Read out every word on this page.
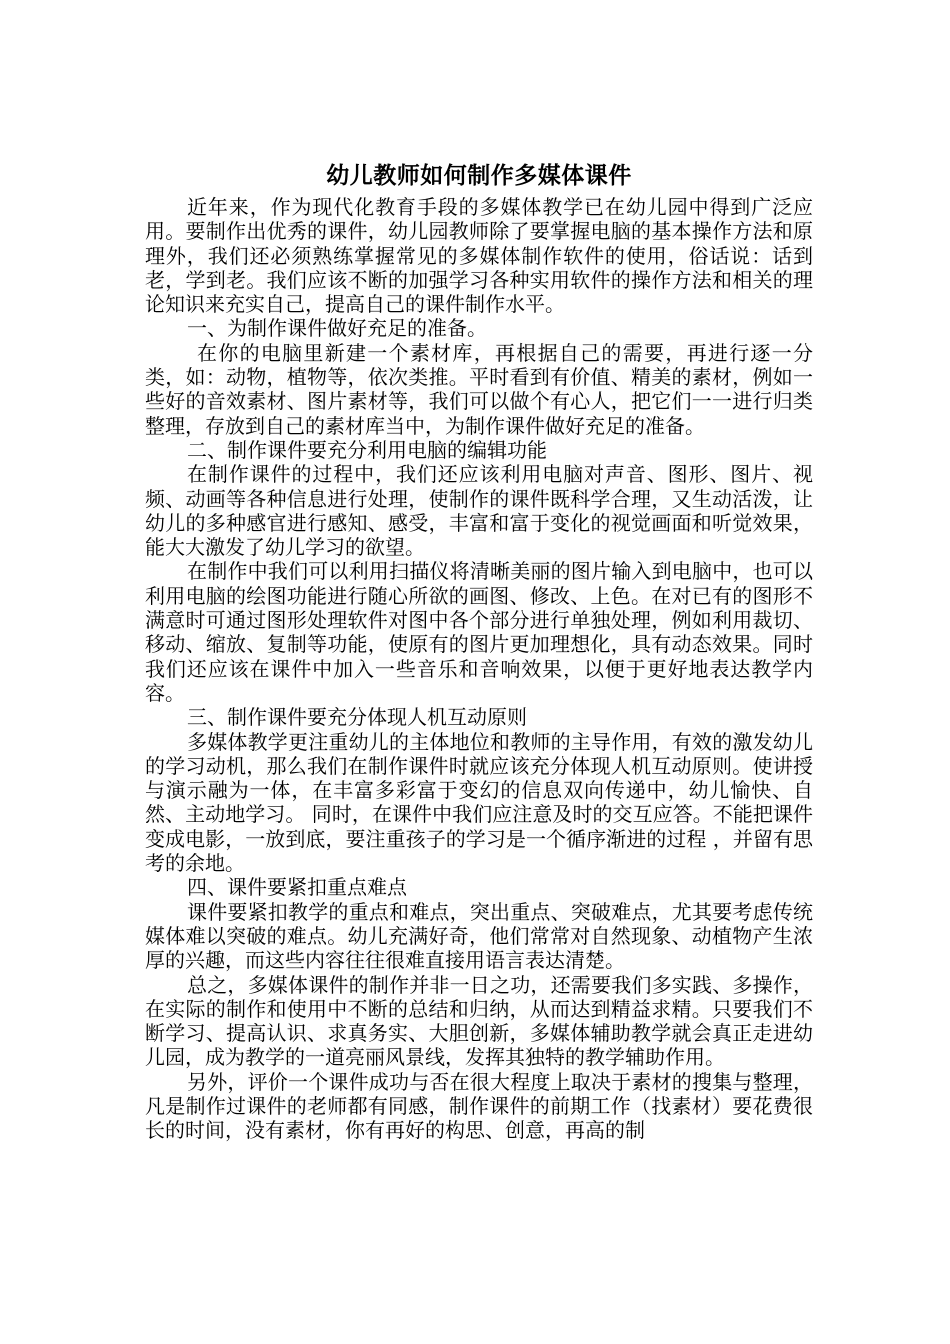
幼儿教师如何制作多媒体课件

近年来，作为现代化教育手段的多媒体教学已在幼儿园中得到广泛应用。要制作出优秀的课件，幼儿园教师除了要掌握电脑的基本操作方法和原理外，我们还必须熟练掌握常见的多媒体制作软件的使用，俗话说：话到老，学到老。我们应该不断的加强学习各种实用软件的操作方法和相关的理论知识来充实自己，提高自己的课件制作水平。

一、为制作课件做好充足的准备。

在你的电脑里新建一个素材库，再根据自己的需要，再进行逐一分类，如：动物，植物等，依次类推。平时看到有价值、精美的素材，例如一些好的音效素材、图片素材等，我们可以做个有心人，把它们一一进行归类整理，存放到自己的素材库当中，为制作课件做好充足的准备。

二、制作课件要充分利用电脑的编辑功能

在制作课件的过程中，我们还应该利用电脑对声音、图形、图片、视频、动画等各种信息进行处理，使制作的课件既科学合理，又生动活泼，让幼儿的多种感官进行感知、感受，丰富和富于变化的视觉画面和听觉效果，能大大激发了幼儿学习的欲望。

在制作中我们可以利用扫描仪将清晰美丽的图片输入到电脑中，也可以利用电脑的绘图功能进行随心所欲的画图、修改、上色。在对已有的图形不满意时可通过图形处理软件对图中各个部分进行单独处理，例如利用裁切、移动、缩放、复制等功能，使原有的图片更加理想化，具有动态效果。同时我们还应该在课件中加入一些音乐和音响效果，以便于更好地表达教学内容。

三、制作课件要充分体现人机互动原则

多媒体教学更注重幼儿的主体地位和教师的主导作用，有效的激发幼儿的学习动机，那么我们在制作课件时就应该充分体现人机互动原则。使讲授与演示融为一体，在丰富多彩富于变幻的信息双向传递中，幼儿愉快、自然、主动地学习。 同时，在课件中我们应注意及时的交互应答。不能把课件变成电影，一放到底，要注重孩子的学习是一个循序渐进的过程 ，并留有思考的余地。

四、课件要紧扣重点难点

课件要紧扣教学的重点和难点，突出重点、突破难点，尤其要考虑传统媒体难以突破的难点。幼儿充满好奇，他们常常对自然现象、动植物产生浓厚的兴趣，而这些内容往往很难直接用语言表达清楚。

总之，多媒体课件的制作并非一日之功，还需要我们多实践、多操作，在实际的制作和使用中不断的总结和归纳，从而达到精益求精。只要我们不断学习、提高认识、求真务实、大胆创新，多媒体辅助教学就会真正走进幼儿园，成为教学的一道亮丽风景线，发挥其独特的教学辅助作用。

另外，评价一个课件成功与否在很大程度上取决于素材的搜集与整理，凡是制作过课件的老师都有同感，制作课件的前期工作（找素材）要花费很长的时间，没有素材，你有再好的构思、创意，再高的制
